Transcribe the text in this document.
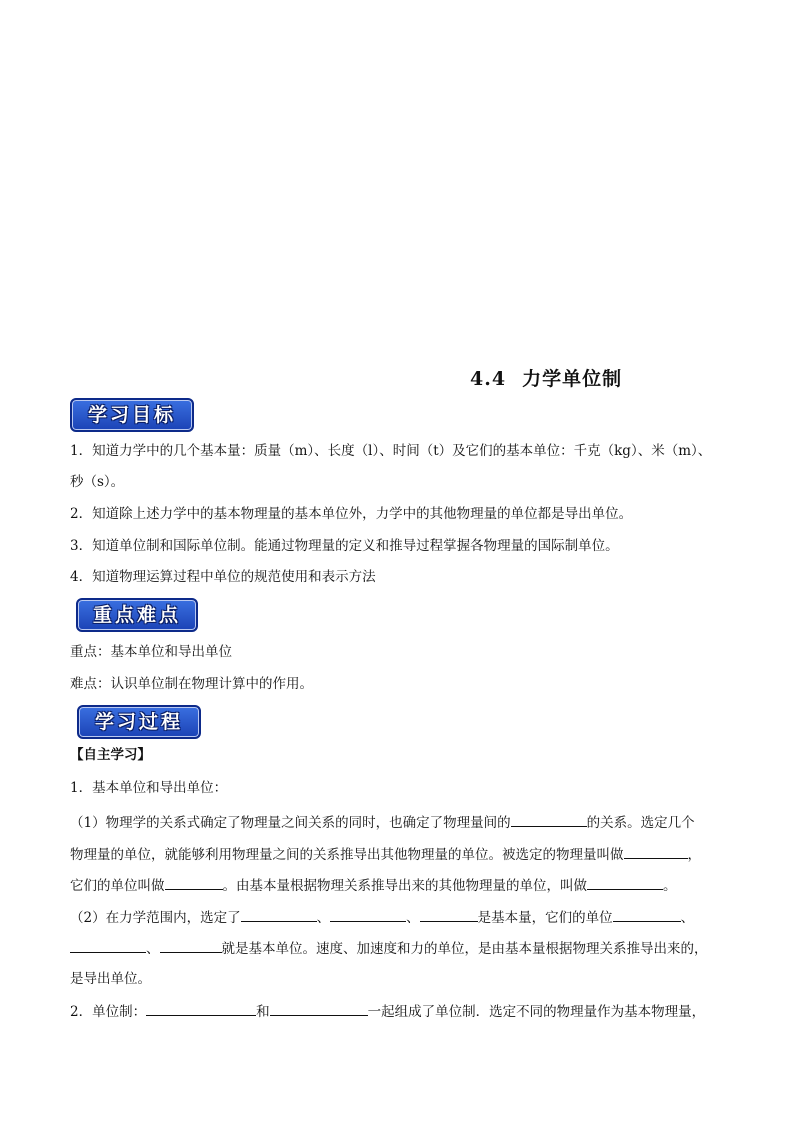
4.4 力学单位制
学习目标
1．知道力学中的几个基本量：质量（m）、长度（l）、时间（t）及它们的基本单位：千克（kg）、米（m）、
秒（s）。
2．知道除上述力学中的基本物理量的基本单位外，力学中的其他物理量的单位都是导出单位。
3．知道单位制和国际单位制。能通过物理量的定义和推导过程掌握各物理量的国际制单位。
4．知道物理运算过程中单位的规范使用和表示方法
重点难点
重点：基本单位和导出单位
难点：认识单位制在物理计算中的作用。
学习过程
【自主学习】
1．基本单位和导出单位：
（1）物理学的关系式确定了物理量之间关系的同时，也确定了物理量间的	的关系。选定几个
物理量的单位，就能够利用物理量之间的关系推导出其他物理量的单位。被选定的物理量叫做	，
它们的单位叫做	。由基本量根据物理关系推导出来的其他物理量的单位，叫做	。
（2）在力学范围内，选定了	、	、	是基本量，它们的单位	、
、	就是基本单位。速度、加速度和力的单位，是由基本量根据物理关系推导出来的，
是导出单位。
2．单位制：	和	一起组成了单位制．选定不同的物理量作为基本物理量，
